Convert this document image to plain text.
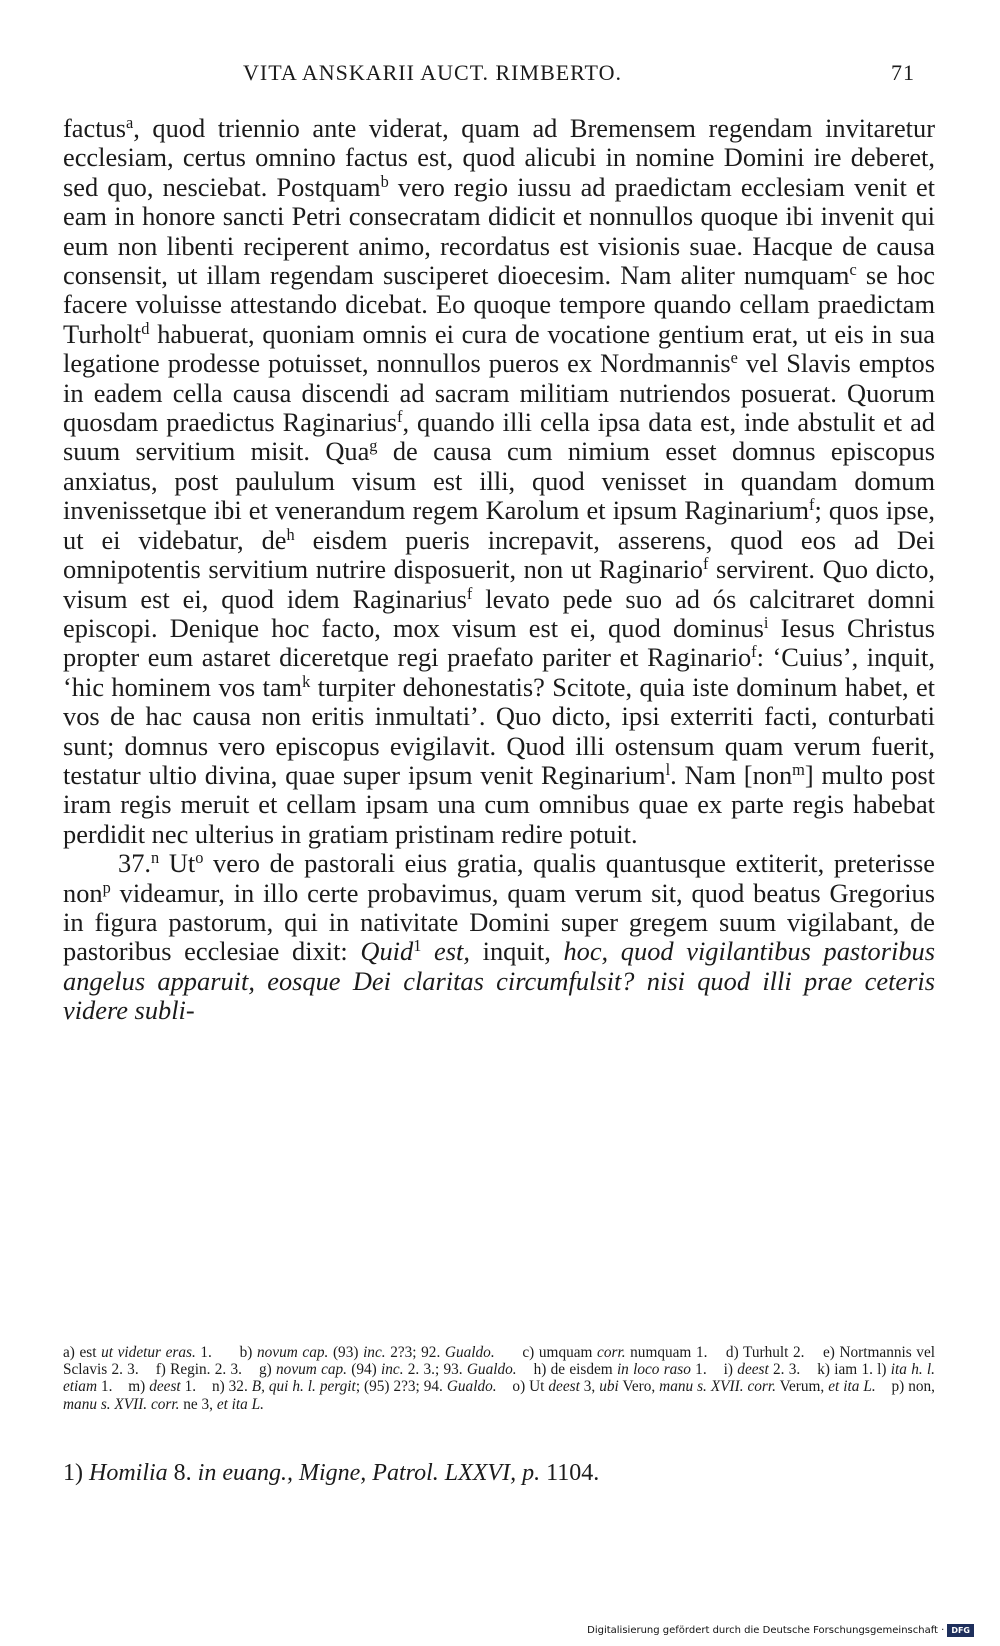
VITA ANSKARII AUCT. RIMBERTO.	71

factus$^a$, quod triennio ante viderat, quam ad Bremensem regendam invitaretur ecclesiam, certus omnino factus est, quod alicubi in nomine Domini ire deberet, sed quo, nesciebat. Postquam$^b$ vero regio iussu ad praedictam ecclesiam venit et eam in honore sancti Petri consecratam didicit et nonnullos quoque ibi invenit qui eum non libenti reciperent animo, recordatus est visionis suae. Hacque de causa consensit, ut illam regendam susciperet dioecesim. Nam aliter numquam$^c$ se hoc facere voluisse attestando dicebat. Eo quoque tempore quando cellam praedictam Turholt$^d$ habuerat, quoniam omnis ei cura de vocatione gentium erat, ut eis in sua legatione prodesse potuisset, nonnullos pueros ex Nordmannis$^e$ vel Slavis emptos in eadem cella causa discendi ad sacram militiam nutriendos posuerat. Quorum quosdam praedictus Raginarius$^f$, quando illi cella ipsa data est, inde abstulit et ad suum servitium misit. Qua$^g$ de causa cum nimium esset domnus episcopus anxiatus, post paululum visum est illi, quod venisset in quandam domum invenissetque ibi et venerandum regem Karolum et ipsum Raginarium$^f$; quos ipse, ut ei videbatur, $de^h$ eisdem pueris increpavit, asserens, quod eos ad Dei omnipotentis servitium nutrire disposuerit, non ut Raginario$^f$ servirent. Quo dicto, visum est ei, quod idem Raginarius$^f$ levato pede suo ad ós calcitraret domni episcopi. Denique hoc facto, mox visum est ei, quod dominus$^i$ Iesus Christus propter eum astaret diceretque regi praefato pariter et Raginario$^f$: ‘Cuius’, inquit, ‘hic hominem vos tam$^k$ turpiter dehonestatis? Scitote, quia iste dominum habet, et vos de hac causa non eritis inmultati’. Quo dicto, ipsi exterriti facti, conturbati sunt; domnus vero episcopus evigilavit. Quod illi ostensum quam verum fuerit, testatur ultio divina, quae super ipsum venit Reginarium$^l$. Nam [non$^m$] multo post iram regis meruit et cellam ipsam una cum omnibus quae ex parte regis habebat perdidit nec ulterius in gratiam pristinam redire potuit.

37.$^n$ Ut$^o$ vero de pastorali eius gratia, qualis quantusque extiterit, preterisse non$^p$ videamur, in illo certe probavimus, quam verum sit, quod beatus Gregorius in figura pastorum, qui in nativitate Domini super gregem suum vigilabant, de pastoribus ecclesiae dixit: Quid$^1$ est, inquit, hoc, quod vigilantibus pastoribus angelus apparuit, eosque Dei claritas circumfulsit? nisi quod illi prae ceteris videre subli-

a) est ut videtur eras. 1.      b) novum cap. (93) inc. 2?3; 92. Gualdo.      c) umquam corr. numquam 1.    d) Turhult 2.    e) Nortmannis vel Sclavis 2. 3.    f) Regin. 2. 3.    g) novum cap. (94) inc. 2. 3.; 93. Gualdo.    h) de eisdem in loco raso 1.    i) deest 2. 3.    k) iam 1. l) ita h. l. etiam 1.    m) deest 1.    n) 32. B, qui h. l. pergit; (95) 2?3; 94. Gualdo.    o) Ut deest 3, ubi Vero, manu s. XVII. corr. Verum, et ita L.    p) non, manu s. XVII. corr. ne 3, et ita L.

1) Homilia 8. in euang., Migne, Patrol. LXXVI, p. 1104.
Digitalisierung gefördert durch die Deutsche Forschungsgemeinschaft · DFG
